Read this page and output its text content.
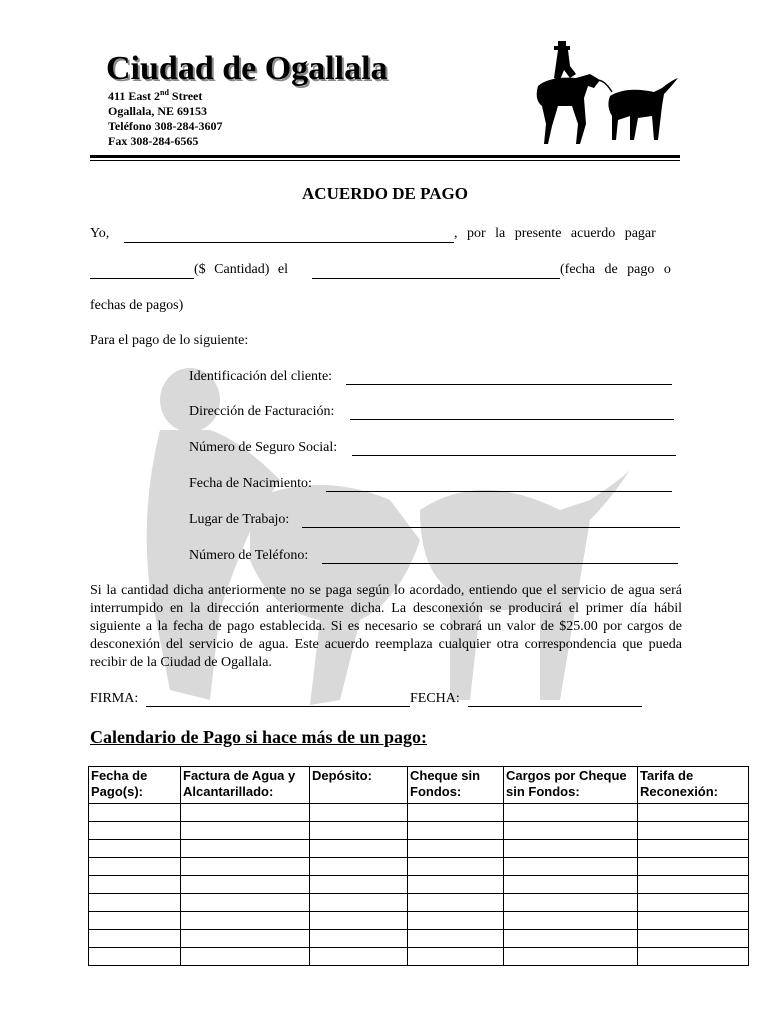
Ciudad de Ogallala
411 East 2nd Street
Ogallala, NE 69153
Teléfono 308-284-3607
Fax 308-284-6565
ACUERDO DE PAGO
Yo,	, por la presente acuerdo pagar
($ Cantidad) el	(fecha de pago o
fechas de pagos)
Para el pago de lo siguiente:
Identificación del cliente:
Dirección de Facturación:
Número de Seguro Social:
Fecha de Nacimiento:
Lugar de Trabajo:
Número de Teléfono:
Si la cantidad dicha anteriormente no se paga según lo acordado, entiendo que el servicio de agua será interrumpido en la dirección anteriormente dicha. La desconexión se producirá el primer día hábil siguiente a la fecha de pago establecida. Si es necesario se cobrará un valor de $25.00 por cargos de desconexión del servicio de agua. Este acuerdo reemplaza cualquier otra correspondencia que pueda recibir de la Ciudad de Ogallala.
FIRMA:	FECHA:
Calendario de Pago si hace más de un pago:
Fecha de Pago(s):	Factura de Agua y Alcantarillado:	Depósito:	Cheque sin Fondos:	Cargos por Cheque sin Fondos:	Tarifa de Reconexión:
